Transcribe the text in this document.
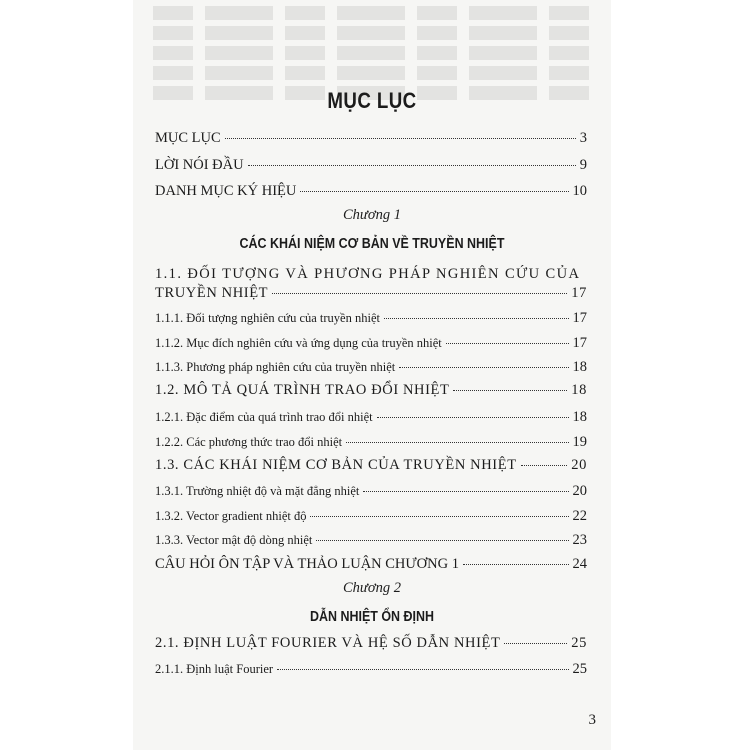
MỤC LỤC
MỤC LỤC	3
LỜI NÓI ĐẦU	9
DANH MỤC KÝ HIỆU	10
Chương 1
CÁC KHÁI NIỆM CƠ BẢN VỀ TRUYỀN NHIỆT
1.1. ĐỐI TƯỢNG VÀ PHƯƠNG PHÁP NGHIÊN CỨU CỦA
TRUYỀN NHIỆT	17
1.1.1. Đối tượng nghiên cứu của truyền nhiệt	17
1.1.2. Mục đích nghiên cứu và ứng dụng của truyền nhiệt	17
1.1.3. Phương pháp nghiên cứu của truyền nhiệt	18
1.2. MÔ TẢ QUÁ TRÌNH TRAO ĐỔI NHIỆT	18
1.2.1. Đặc điểm của quá trình trao đổi nhiệt	18
1.2.2. Các phương thức trao đổi nhiệt	19
1.3. CÁC KHÁI NIỆM CƠ BẢN CỦA TRUYỀN NHIỆT	20
1.3.1. Trường nhiệt độ và mặt đẳng nhiệt	20
1.3.2. Vector gradient nhiệt độ	22
1.3.3. Vector mật độ dòng nhiệt	23
CÂU HỎI ÔN TẬP VÀ THẢO LUẬN CHƯƠNG 1	24
Chương 2
DẪN NHIỆT ỔN ĐỊNH
2.1. ĐỊNH LUẬT FOURIER VÀ HỆ SỐ DẪN NHIỆT	25
2.1.1. Định luật Fourier	25
3
